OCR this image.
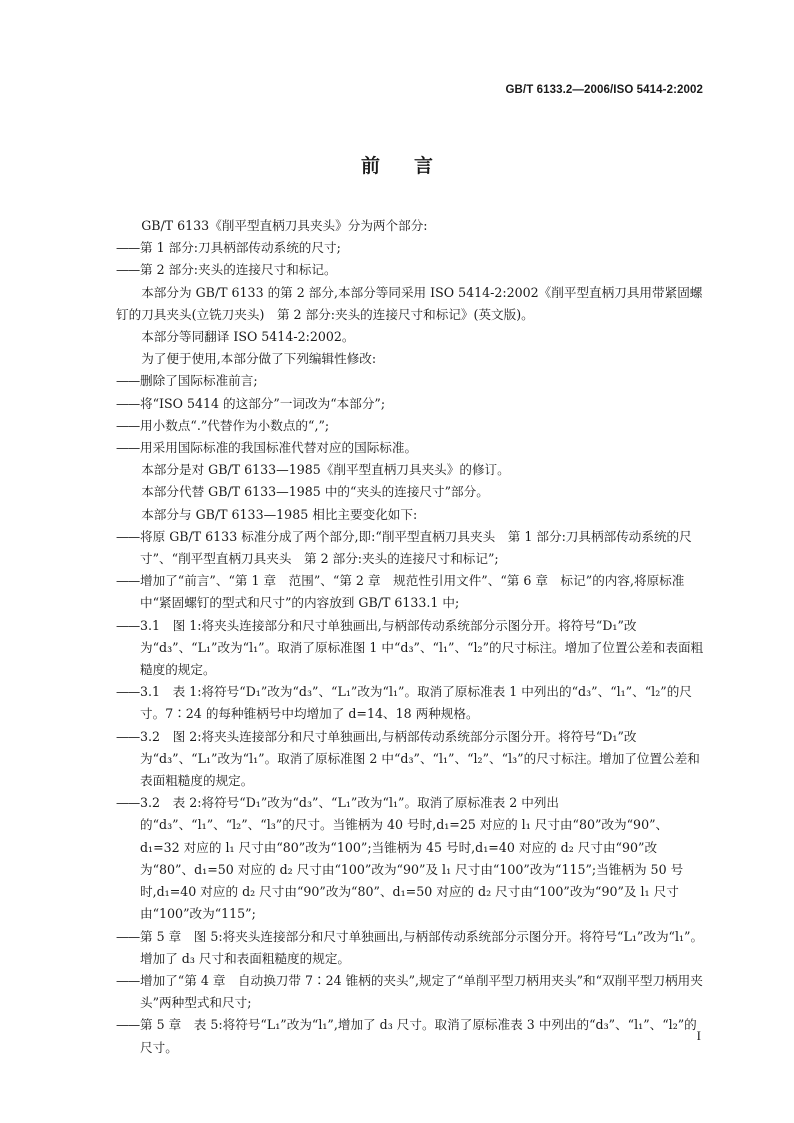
GB/T 6133.2—2006/ISO 5414-2:2002
前言
GB/T 6133《削平型直柄刀具夹头》分为两个部分:
—— 第 1 部分:刀具柄部传动系统的尺寸;
—— 第 2 部分:夹头的连接尺寸和标记。
本部分为 GB/T 6133 的第 2 部分,本部分等同采用 ISO 5414-2:2002《削平型直柄刀具用带紧固螺钉的刀具夹头(立铣刀夹头)　第 2 部分:夹头的连接尺寸和标记》(英文版)。
本部分等同翻译 ISO 5414-2:2002。
为了便于使用,本部分做了下列编辑性修改:
—— 删除了国际标准前言;
—— 将“ISO 5414 的这部分”一词改为“本部分”;
—— 用小数点“.”代替作为小数点的“,”;
—— 用采用国际标准的我国标准代替对应的国际标准。
本部分是对 GB/T 6133—1985《削平型直柄刀具夹头》的修订。
本部分代替 GB/T 6133—1985 中的“夹头的连接尺寸”部分。
本部分与 GB/T 6133—1985 相比主要变化如下:
—— 将原 GB/T 6133 标准分成了两个部分,即:“削平型直柄刀具夹头　第 1 部分:刀具柄部传动系统的尺寸”、“削平型直柄刀具夹头　第 2 部分:夹头的连接尺寸和标记”;
—— 增加了“前言”、“第 1 章　范围”、“第 2 章　规范性引用文件”、“第 6 章　标记”的内容,将原标准中“紧固螺钉的型式和尺寸”的内容放到 GB/T 6133.1 中;
—— 3.1　图 1:将夹头连接部分和尺寸单独画出,与柄部传动系统部分示图分开。将符号“D₁”改为“d₃”、“L₁”改为“l₁”。取消了原标准图 1 中“d₃”、“l₁”、“l₂”的尺寸标注。增加了位置公差和表面粗糙度的规定。
—— 3.1　表 1:将符号“D₁”改为“d₃”、“L₁”改为“l₁”。取消了原标准表 1 中列出的“d₃”、“l₁”、“l₂”的尺寸。7∶24 的每种锥柄号中均增加了 d=14、18 两种规格。
—— 3.2　图 2:将夹头连接部分和尺寸单独画出,与柄部传动系统部分示图分开。将符号“D₁”改为“d₃”、“L₁”改为“l₁”。取消了原标准图 2 中“d₃”、“l₁”、“l₂”、“l₃”的尺寸标注。增加了位置公差和表面粗糙度的规定。
—— 3.2　表 2:将符号“D₁”改为“d₃”、“L₁”改为“l₁”。取消了原标准表 2 中列出的“d₃”、“l₁”、“l₂”、“l₃”的尺寸。当锥柄为 40 号时,d₁=25 对应的 l₁ 尺寸由“80”改为“90”、d₁=32 对应的 l₁ 尺寸由“80”改为“100”;当锥柄为 45 号时,d₁=40 对应的 d₂ 尺寸由“90”改为“80”、d₁=50 对应的 d₂ 尺寸由“100”改为“90”及 l₁ 尺寸由“100”改为“115”;当锥柄为 50 号时,d₁=40 对应的 d₂ 尺寸由“90”改为“80”、d₁=50 对应的 d₂ 尺寸由“100”改为“90”及 l₁ 尺寸由“100”改为“115”;
—— 第 5 章　图 5:将夹头连接部分和尺寸单独画出,与柄部传动系统部分示图分开。将符号“L₁”改为“l₁”。增加了 d₃ 尺寸和表面粗糙度的规定。
—— 增加了“第 4 章　自动换刀带 7∶24 锥柄的夹头”,规定了“单削平型刀柄用夹头”和“双削平型刀柄用夹头”两种型式和尺寸;
—— 第 5 章　表 5:将符号“L₁”改为“l₁”,增加了 d₃ 尺寸。取消了原标准表 3 中列出的“d₃”、“l₁”、“l₂”的尺寸。
I
